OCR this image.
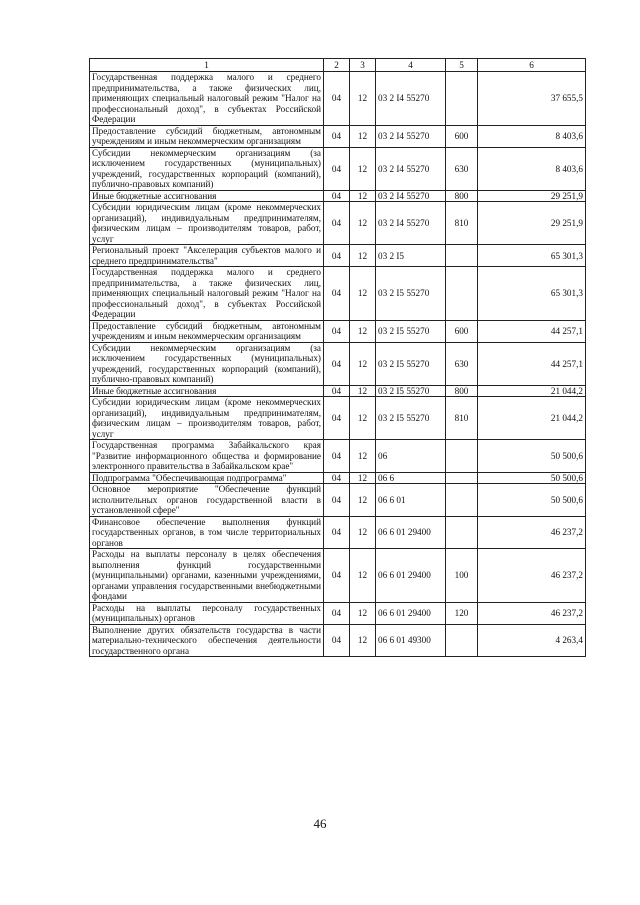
1	2	3	4	5	6
Государственная поддержка малого и среднего предпринимательства, а также физических лиц, применяющих специальный налоговый режим "Налог на профессиональный доход", в субъектах Российской Федерации	04	12	03 2 I4 55270		37 655,5
Предоставление субсидий бюджетным, автономным учреждениям и иным некоммерческим организациям	04	12	03 2 I4 55270	600	8 403,6
Субсидии некоммерческим организациям (за исключением государственных (муниципальных) учреждений, государственных корпораций (компаний), публично-правовых компаний)	04	12	03 2 I4 55270	630	8 403,6
Иные бюджетные ассигнования	04	12	03 2 I4 55270	800	29 251,9
Субсидии юридическим лицам (кроме некоммерческих организаций), индивидуальным предпринимателям, физическим лицам – производителям товаров, работ, услуг	04	12	03 2 I4 55270	810	29 251,9
Региональный проект "Акселерация субъектов малого и среднего предпринимательства"	04	12	03 2 I5		65 301,3
Государственная поддержка малого и среднего предпринимательства, а также физических лиц, применяющих специальный налоговый режим "Налог на профессиональный доход", в субъектах Российской Федерации	04	12	03 2 I5 55270		65 301,3
Предоставление субсидий бюджетным, автономным учреждениям и иным некоммерческим организациям	04	12	03 2 I5 55270	600	44 257,1
Субсидии некоммерческим организациям (за исключением государственных (муниципальных) учреждений, государственных корпораций (компаний), публично-правовых компаний)	04	12	03 2 I5 55270	630	44 257,1
Иные бюджетные ассигнования	04	12	03 2 I5 55270	800	21 044,2
Субсидии юридическим лицам (кроме некоммерческих организаций), индивидуальным предпринимателям, физическим лицам – производителям товаров, работ, услуг	04	12	03 2 I5 55270	810	21 044,2
Государственная программа Забайкальского края "Развитие информационного общества и формирование электронного правительства в Забайкальском крае"	04	12	06		50 500,6
Подпрограмма "Обеспечивающая подпрограмма"	04	12	06 6		50 500,6
Основное мероприятие "Обеспечение функций исполнительных органов государственной власти в установленной сфере"	04	12	06 6 01		50 500,6
Финансовое обеспечение выполнения функций государственных органов, в том числе территориальных органов	04	12	06 6 01 29400		46 237,2
Расходы на выплаты персоналу в целях обеспечения выполнения функций государственными (муниципальными) органами, казенными учреждениями, органами управления государственными внебюджетными фондами	04	12	06 6 01 29400	100	46 237,2
Расходы на выплаты персоналу государственных (муниципальных) органов	04	12	06 6 01 29400	120	46 237,2
Выполнение других обязательств государства в части материально-технического обеспечения деятельности государственного органа	04	12	06 6 01 49300		4 263,4
46
